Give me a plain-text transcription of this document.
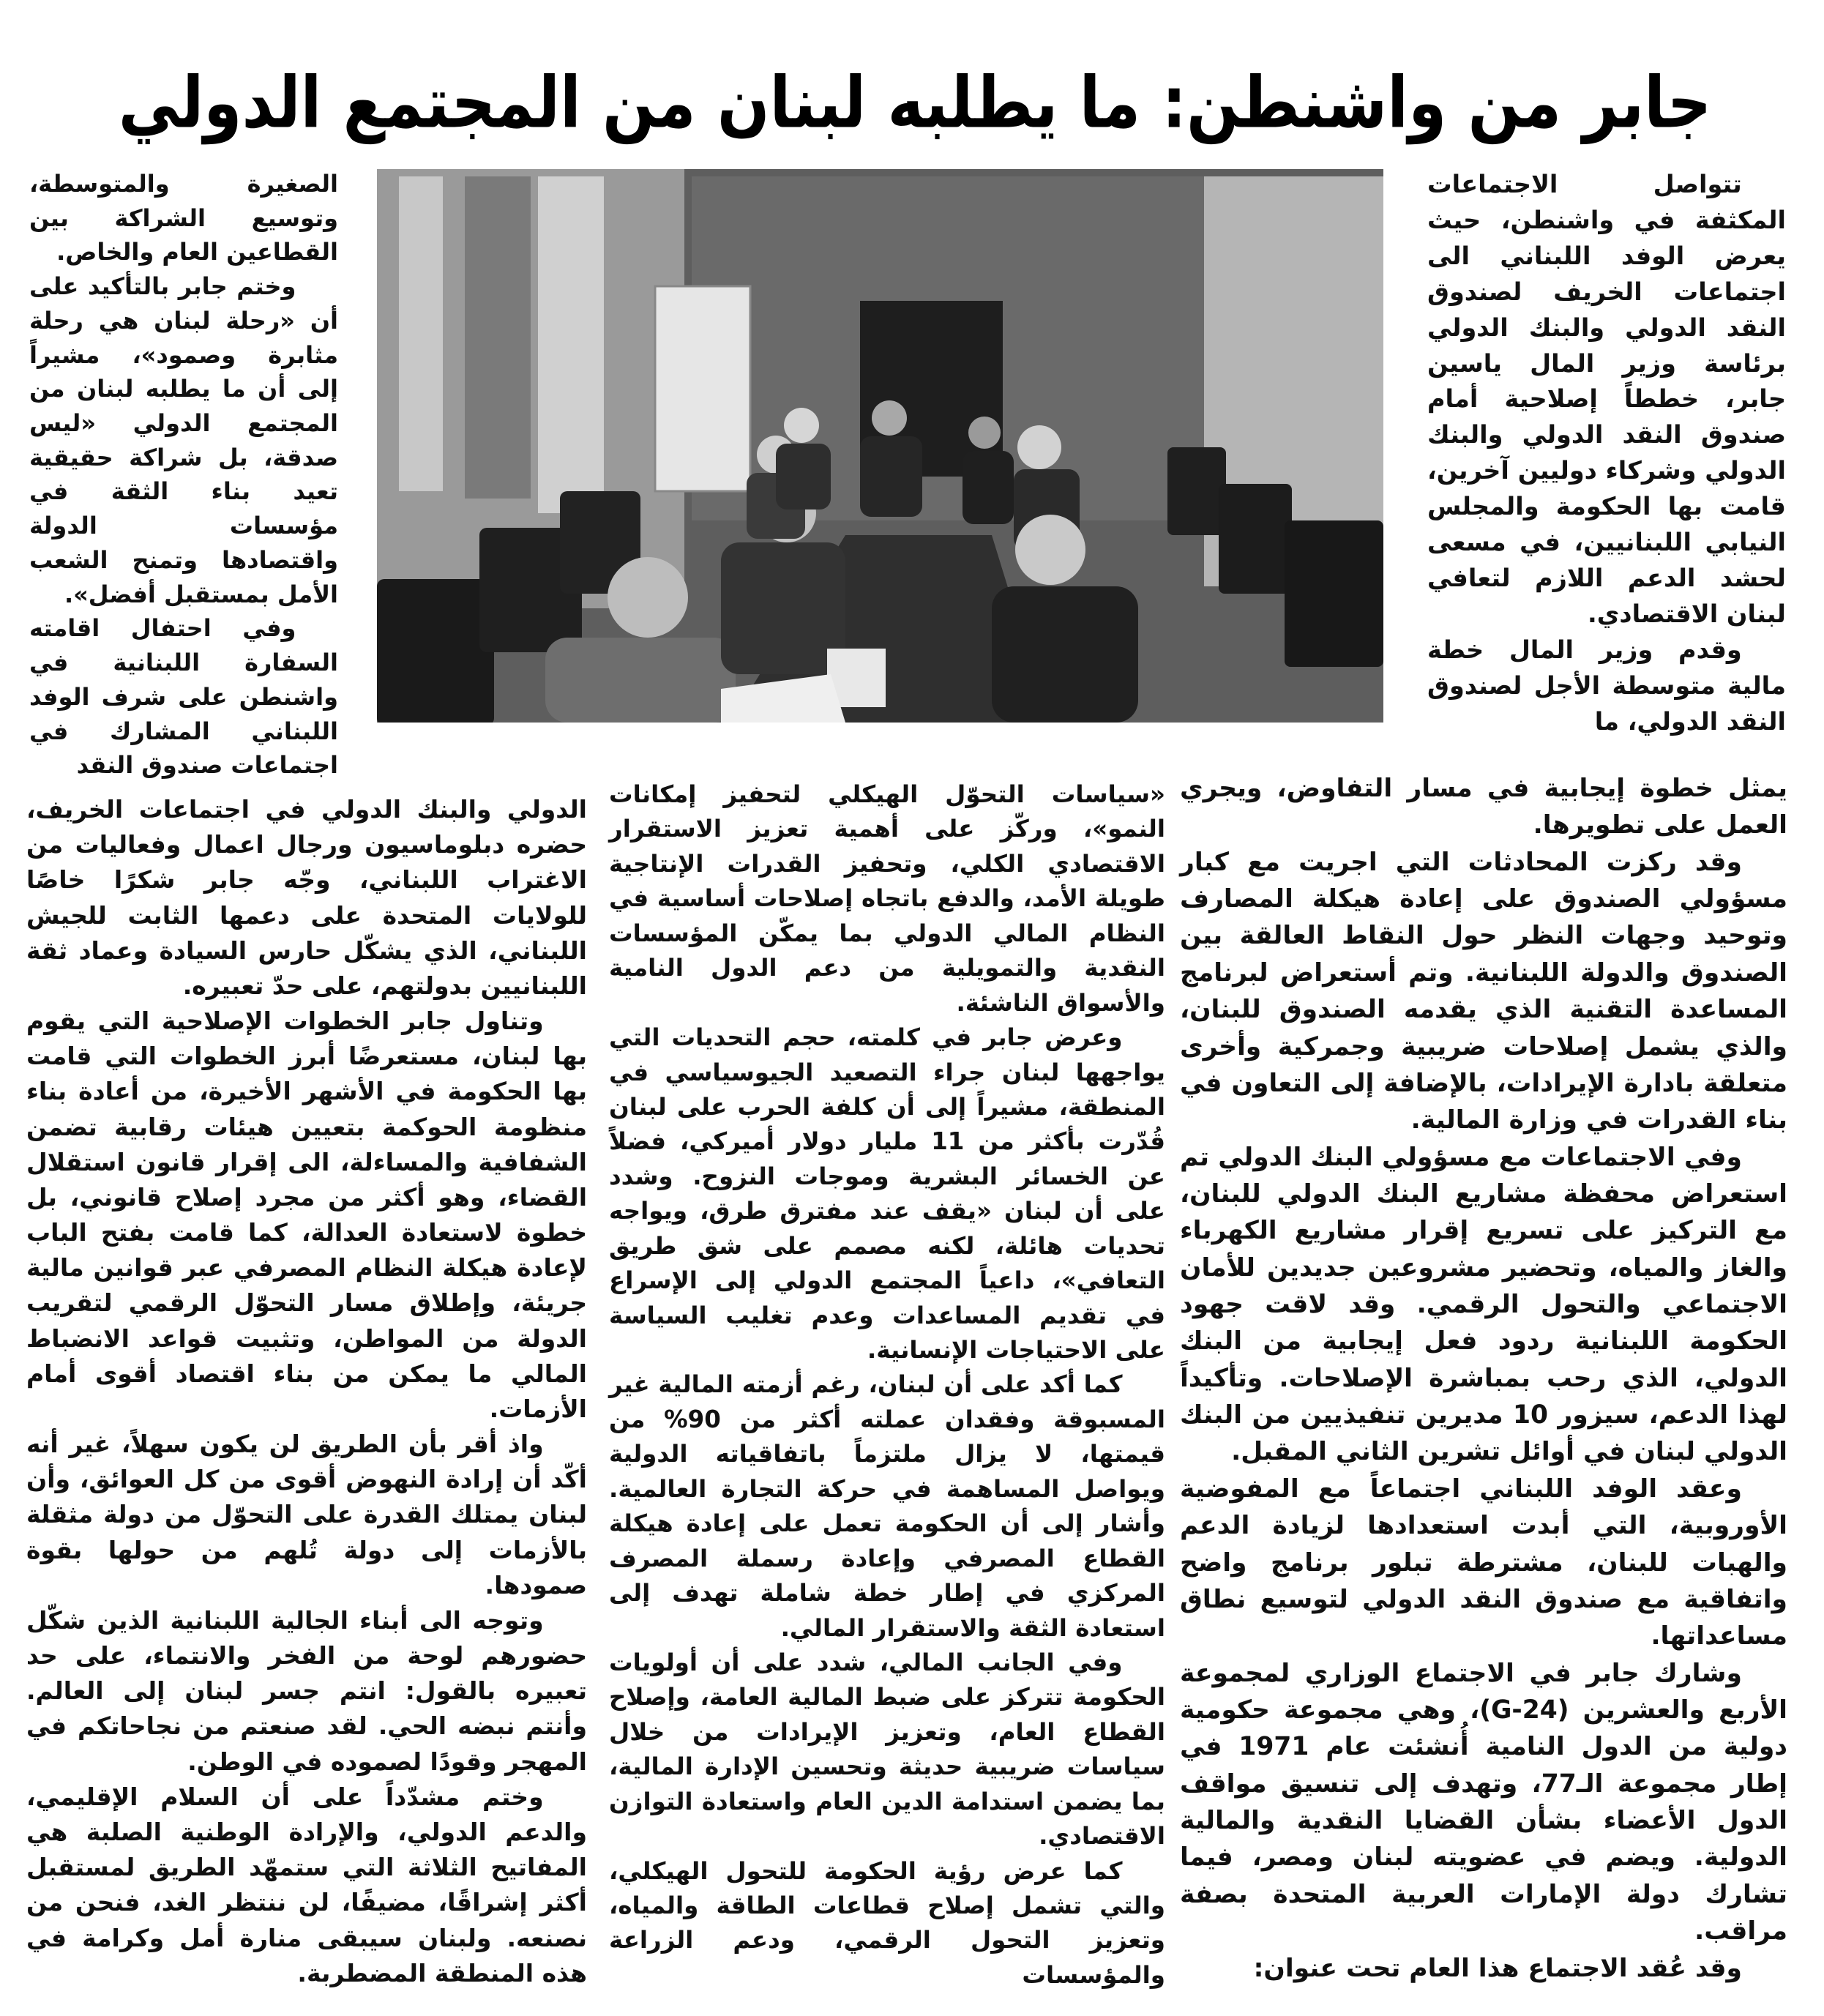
جابر من واشنطن: ما يطلبه لبنان من المجتمع الدولي

تتواصل الاجتماعات المكثفة في واشنطن، حيث يعرض الوفد اللبناني الى اجتماعات الخريف لصندوق النقد الدولي والبنك الدولي برئاسة وزير المال ياسين جابر، خططاً إصلاحية أمام صندوق النقد الدولي والبنك الدولي وشركاء دوليين آخرين، قامت بها الحكومة والمجلس النيابي اللبنانيين، في مسعى لحشد الدعم اللازم لتعافي لبنان الاقتصادي.

وقدم وزير المال خطة مالية متوسطة الأجل لصندوق النقد الدولي، ما

يمثل خطوة إيجابية في مسار التفاوض، ويجري العمل على تطويرها.

وقد ركزت المحادثات التي اجريت مع كبار مسؤولي الصندوق على إعادة هيكلة المصارف وتوحيد وجهات النظر حول النقاط العالقة بين الصندوق والدولة اللبنانية. وتم أستعراض لبرنامج المساعدة التقنية الذي يقدمه الصندوق للبنان، والذي يشمل إصلاحات ضريبية وجمركية وأخرى متعلقة بادارة الإيرادات، بالإضافة إلى التعاون في بناء القدرات في وزارة المالية.

وفي الاجتماعات مع مسؤولي البنك الدولي تم استعراض محفظة مشاريع البنك الدولي للبنان، مع التركيز على تسريع إقرار مشاريع الكهرباء والغاز والمياه، وتحضير مشروعين جديدين للأمان الاجتماعي والتحول الرقمي. وقد لاقت جهود الحكومة اللبنانية ردود فعل إيجابية من البنك الدولي، الذي رحب بمباشرة الإصلاحات. وتأكيداً لهذا الدعم، سيزور 10 مديرين تنفيذيين من البنك الدولي لبنان في أوائل تشرين الثاني المقبل.

وعقد الوفد اللبناني اجتماعاً مع المفوضية الأوروبية، التي أبدت استعدادها لزيادة الدعم والهبات للبنان، مشترطة تبلور برنامج واضح واتفاقية مع صندوق النقد الدولي لتوسيع نطاق مساعداتها.

وشارك جابر في الاجتماع الوزاري لمجموعة الأربع والعشرين (G-24)، وهي مجموعة حكومية دولية من الدول النامية أُنشئت عام 1971 في إطار مجموعة الـ77، وتهدف إلى تنسيق مواقف الدول الأعضاء بشأن القضايا النقدية والمالية الدولية. ويضم في عضويته لبنان ومصر، فيما تشارك دولة الإمارات العربية المتحدة بصفة مراقب.

وقد عُقد الاجتماع هذا العام تحت عنوان:

«سياسات التحوّل الهيكلي لتحفيز إمكانات النمو»، وركّز على أهمية تعزيز الاستقرار الاقتصادي الكلي، وتحفيز القدرات الإنتاجية طويلة الأمد، والدفع باتجاه إصلاحات أساسية في النظام المالي الدولي بما يمكّن المؤسسات النقدية والتمويلية من دعم الدول النامية والأسواق الناشئة.

وعرض جابر في كلمته، حجم التحديات التي يواجهها لبنان جراء التصعيد الجيوسياسي في المنطقة، مشيراً إلى أن كلفة الحرب على لبنان قُدّرت بأكثر من 11 مليار دولار أميركي، فضلاً عن الخسائر البشرية وموجات النزوح. وشدد على أن لبنان «يقف عند مفترق طرق، ويواجه تحديات هائلة، لكنه مصمم على شق طريق التعافي»، داعياً المجتمع الدولي إلى الإسراع في تقديم المساعدات وعدم تغليب السياسة على الاحتياجات الإنسانية.

كما أكد على أن لبنان، رغم أزمته المالية غير المسبوقة وفقدان عملته أكثر من 90% من قيمتها، لا يزال ملتزماً باتفاقياته الدولية ويواصل المساهمة في حركة التجارة العالمية. وأشار إلى أن الحكومة تعمل على إعادة هيكلة القطاع المصرفي وإعادة رسملة المصرف المركزي في إطار خطة شاملة تهدف إلى استعادة الثقة والاستقرار المالي.

وفي الجانب المالي، شدد على أن أولويات الحكومة تتركز على ضبط المالية العامة، وإصلاح القطاع العام، وتعزيز الإيرادات من خلال سياسات ضريبية حديثة وتحسين الإدارة المالية، بما يضمن استدامة الدين العام واستعادة التوازن الاقتصادي.

كما عرض رؤية الحكومة للتحول الهيكلي، والتي تشمل إصلاح قطاعات الطاقة والمياه، وتعزيز التحول الرقمي، ودعم الزراعة والمؤسسات

الصغيرة والمتوسطة، وتوسيع الشراكة بين القطاعين العام والخاص.

وختم جابر بالتأكيد على أن «رحلة لبنان هي رحلة مثابرة وصمود»، مشيراً إلى أن ما يطلبه لبنان من المجتمع الدولي «ليس صدقة، بل شراكة حقيقية تعيد بناء الثقة في مؤسسات الدولة واقتصادها وتمنح الشعب الأمل بمستقبل أفضل».

وفي احتفال اقامته السفارة اللبنانية في واشنطن على شرف الوفد اللبناني المشارك في اجتماعات صندوق النقد

الدولي والبنك الدولي في اجتماعات الخريف، حضره دبلوماسيون ورجال اعمال وفعاليات من الاغتراب اللبناني، وجّه جابر شكرًا خاصًا للولايات المتحدة على دعمها الثابت للجيش اللبناني، الذي يشكّل حارس السيادة وعماد ثقة اللبنانيين بدولتهم، على حدّ تعبيره.

وتناول جابر الخطوات الإصلاحية التي يقوم بها لبنان، مستعرضًا أبرز الخطوات التي قامت بها الحكومة في الأشهر الأخيرة، من أعادة بناء منظومة الحوكمة بتعيين هيئات رقابية تضمن الشفافية والمساءلة، الى إقرار قانون استقلال القضاء، وهو أكثر من مجرد إصلاح قانوني، بل خطوة لاستعادة العدالة، كما قامت بفتح الباب لإعادة هيكلة النظام المصرفي عبر قوانين مالية جريئة، وإطلاق مسار التحوّل الرقمي لتقريب الدولة من المواطن، وتثبيت قواعد الانضباط المالي ما يمكن من بناء اقتصاد أقوى أمام الأزمات.

واذ أقر بأن الطريق لن يكون سهلاً، غير أنه أكّد أن إرادة النهوض أقوى من كل العوائق، وأن لبنان يمتلك القدرة على التحوّل من دولة مثقلة بالأزمات إلى دولة تُلهم من حولها بقوة صمودها.

وتوجه الى أبناء الجالية اللبنانية الذين شكّل حضورهم لوحة من الفخر والانتماء، على حد تعبيره بالقول: انتم جسر لبنان إلى العالم. وأنتم نبضه الحي. لقد صنعتم من نجاحاتكم في المهجر وقودًا لصموده في الوطن.

وختم مشدّداً على أن السلام الإقليمي، والدعم الدولي، والإرادة الوطنية الصلبة هي المفاتيح الثلاثة التي ستمهّد الطريق لمستقبل أكثر إشراقًا، مضيفًا، لن ننتظر الغد، فنحن من نصنعه. ولبنان سيبقى منارة أمل وكرامة في هذه المنطقة المضطربة.
